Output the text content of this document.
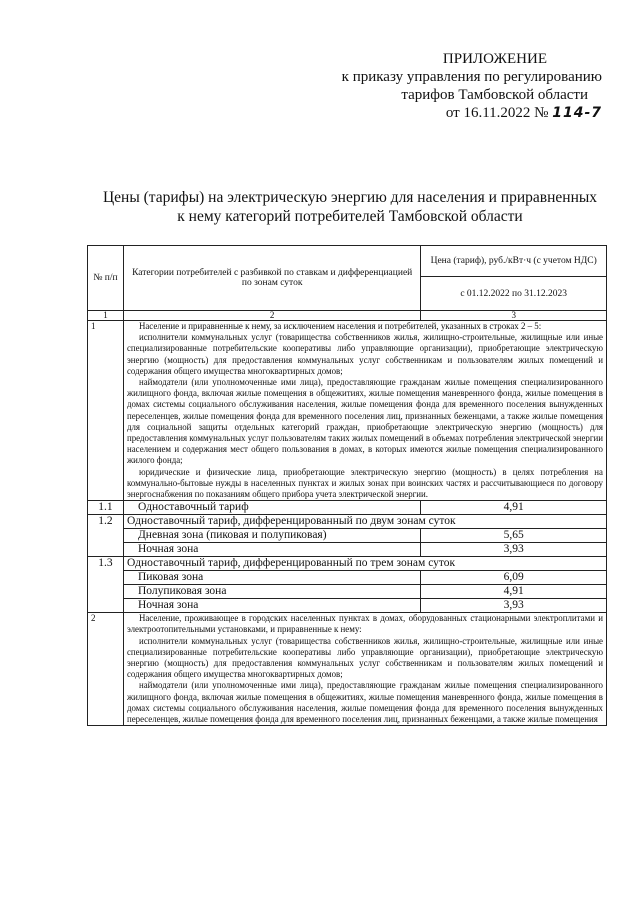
ПРИЛОЖЕНИЕ
к приказу управления по регулированию
тарифов Тамбовской области
от 16.11.2022 № 114-7
Цены (тарифы) на электрическую энергию для населения и приравненных к нему категорий потребителей Тамбовской области
№ п/п	Категории потребителей с разбивкой по ставкам и дифференциацией по зонам суток	Цена (тариф), руб./кВт·ч (с учетом НДС)
		с 01.12.2022 по 31.12.2023
1	2	3
1	Население и приравненные к нему, за исключением населения и потребителей, указанных в строках 2 – 5:

исполнители коммунальных услуг (товарищества собственников жилья, жилищно-строительные, жилищные или иные специализированные потребительские кооперативы либо управляющие организации), приобретающие электрическую энергию (мощность) для предоставления коммунальных услуг собственникам и пользователям жилых помещений и содержания общего имущества многоквартирных домов;

наймодатели (или уполномоченные ими лица), предоставляющие гражданам жилые помещения специализированного жилищного фонда, включая жилые помещения в общежитиях, жилые помещения маневренного фонда, жилые помещения в домах системы социального обслуживания населения, жилые помещения фонда для временного поселения вынужденных переселенцев, жилые помещения фонда для временного поселения лиц, признанных беженцами, а также жилые помещения для социальной защиты отдельных категорий граждан, приобретающие электрическую энергию (мощность) для предоставления коммунальных услуг пользователям таких жилых помещений в объемах потребления электрической энергии населением и содержания мест общего пользования в домах, в которых имеются жилые помещения специализированного жилого фонда;

юридические и физические лица, приобретающие электрическую энергию (мощность) в целях потребления на коммунально-бытовые нужды в населенных пунктах и жилых зонах при воинских частях и рассчитывающиеся по договору энергоснабжения по показаниям общего прибора учета электрической энергии.	

1.1	Одноставочный тариф	4,91
1.2	Одноставочный тариф, дифференцированный по двум зонам суток	
	Дневная зона (пиковая и полупиковая)	5,65
	Ночная зона	3,93
1.3	Одноставочный тариф, дифференцированный по трем зонам суток	
	Пиковая зона	6,09
	Полупиковая зона	4,91
	Ночная зона	3,93
2	Население, проживающее в городских населенных пунктах в домах, оборудованных стационарными электроплитами и электроотопительными установками, и приравненные к нему:

исполнители коммунальных услуг (товарищества собственников жилья, жилищно-строительные, жилищные или иные специализированные потребительские кооперативы либо управляющие организации), приобретающие электрическую энергию (мощность) для предоставления коммунальных услуг собственникам и пользователям жилых помещений и содержания общего имущества многоквартирных домов;

наймодатели (или уполномоченные ими лица), предоставляющие гражданам жилые помещения специализированного жилищного фонда, включая жилые помещения в общежитиях, жилые помещения маневренного фонда, жилые помещения в домах системы социального обслуживания населения, жилые помещения фонда для временного поселения вынужденных переселенцев, жилые помещения фонда для временного поселения лиц, признанных беженцами, а также жилые помещения	
